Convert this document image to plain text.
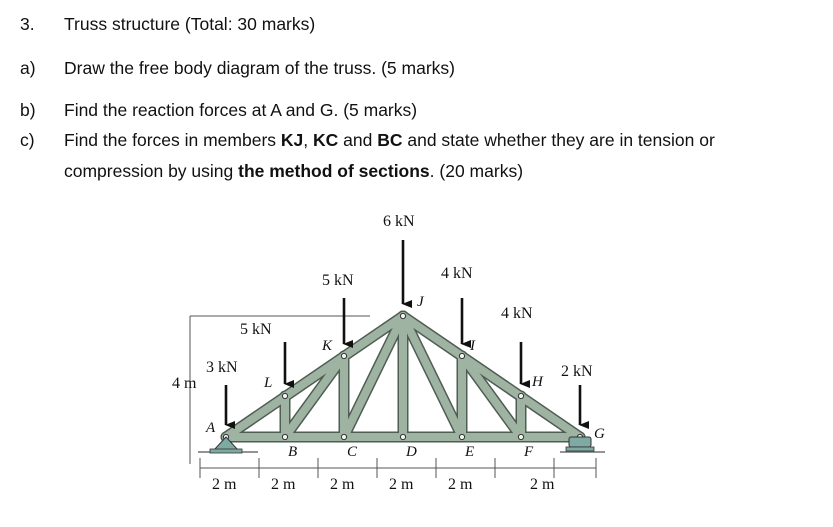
3. Truss structure (Total: 30 marks)
a) Draw the free body diagram of the truss. (5 marks)
b) Find the reaction forces at A and G. (5 marks)
c) Find the forces in members KJ, KC and BC and state whether they are in tension or
compression by using the method of sections. (20 marks)
6 kN
5 kN	4 kN
4 kN
5 kN
3 kN	2 kN
A
B	C	D	E	F
G
H
I
J
K
L
4 m
2 m 2 m 2 m 2 m 2 m	2 m
